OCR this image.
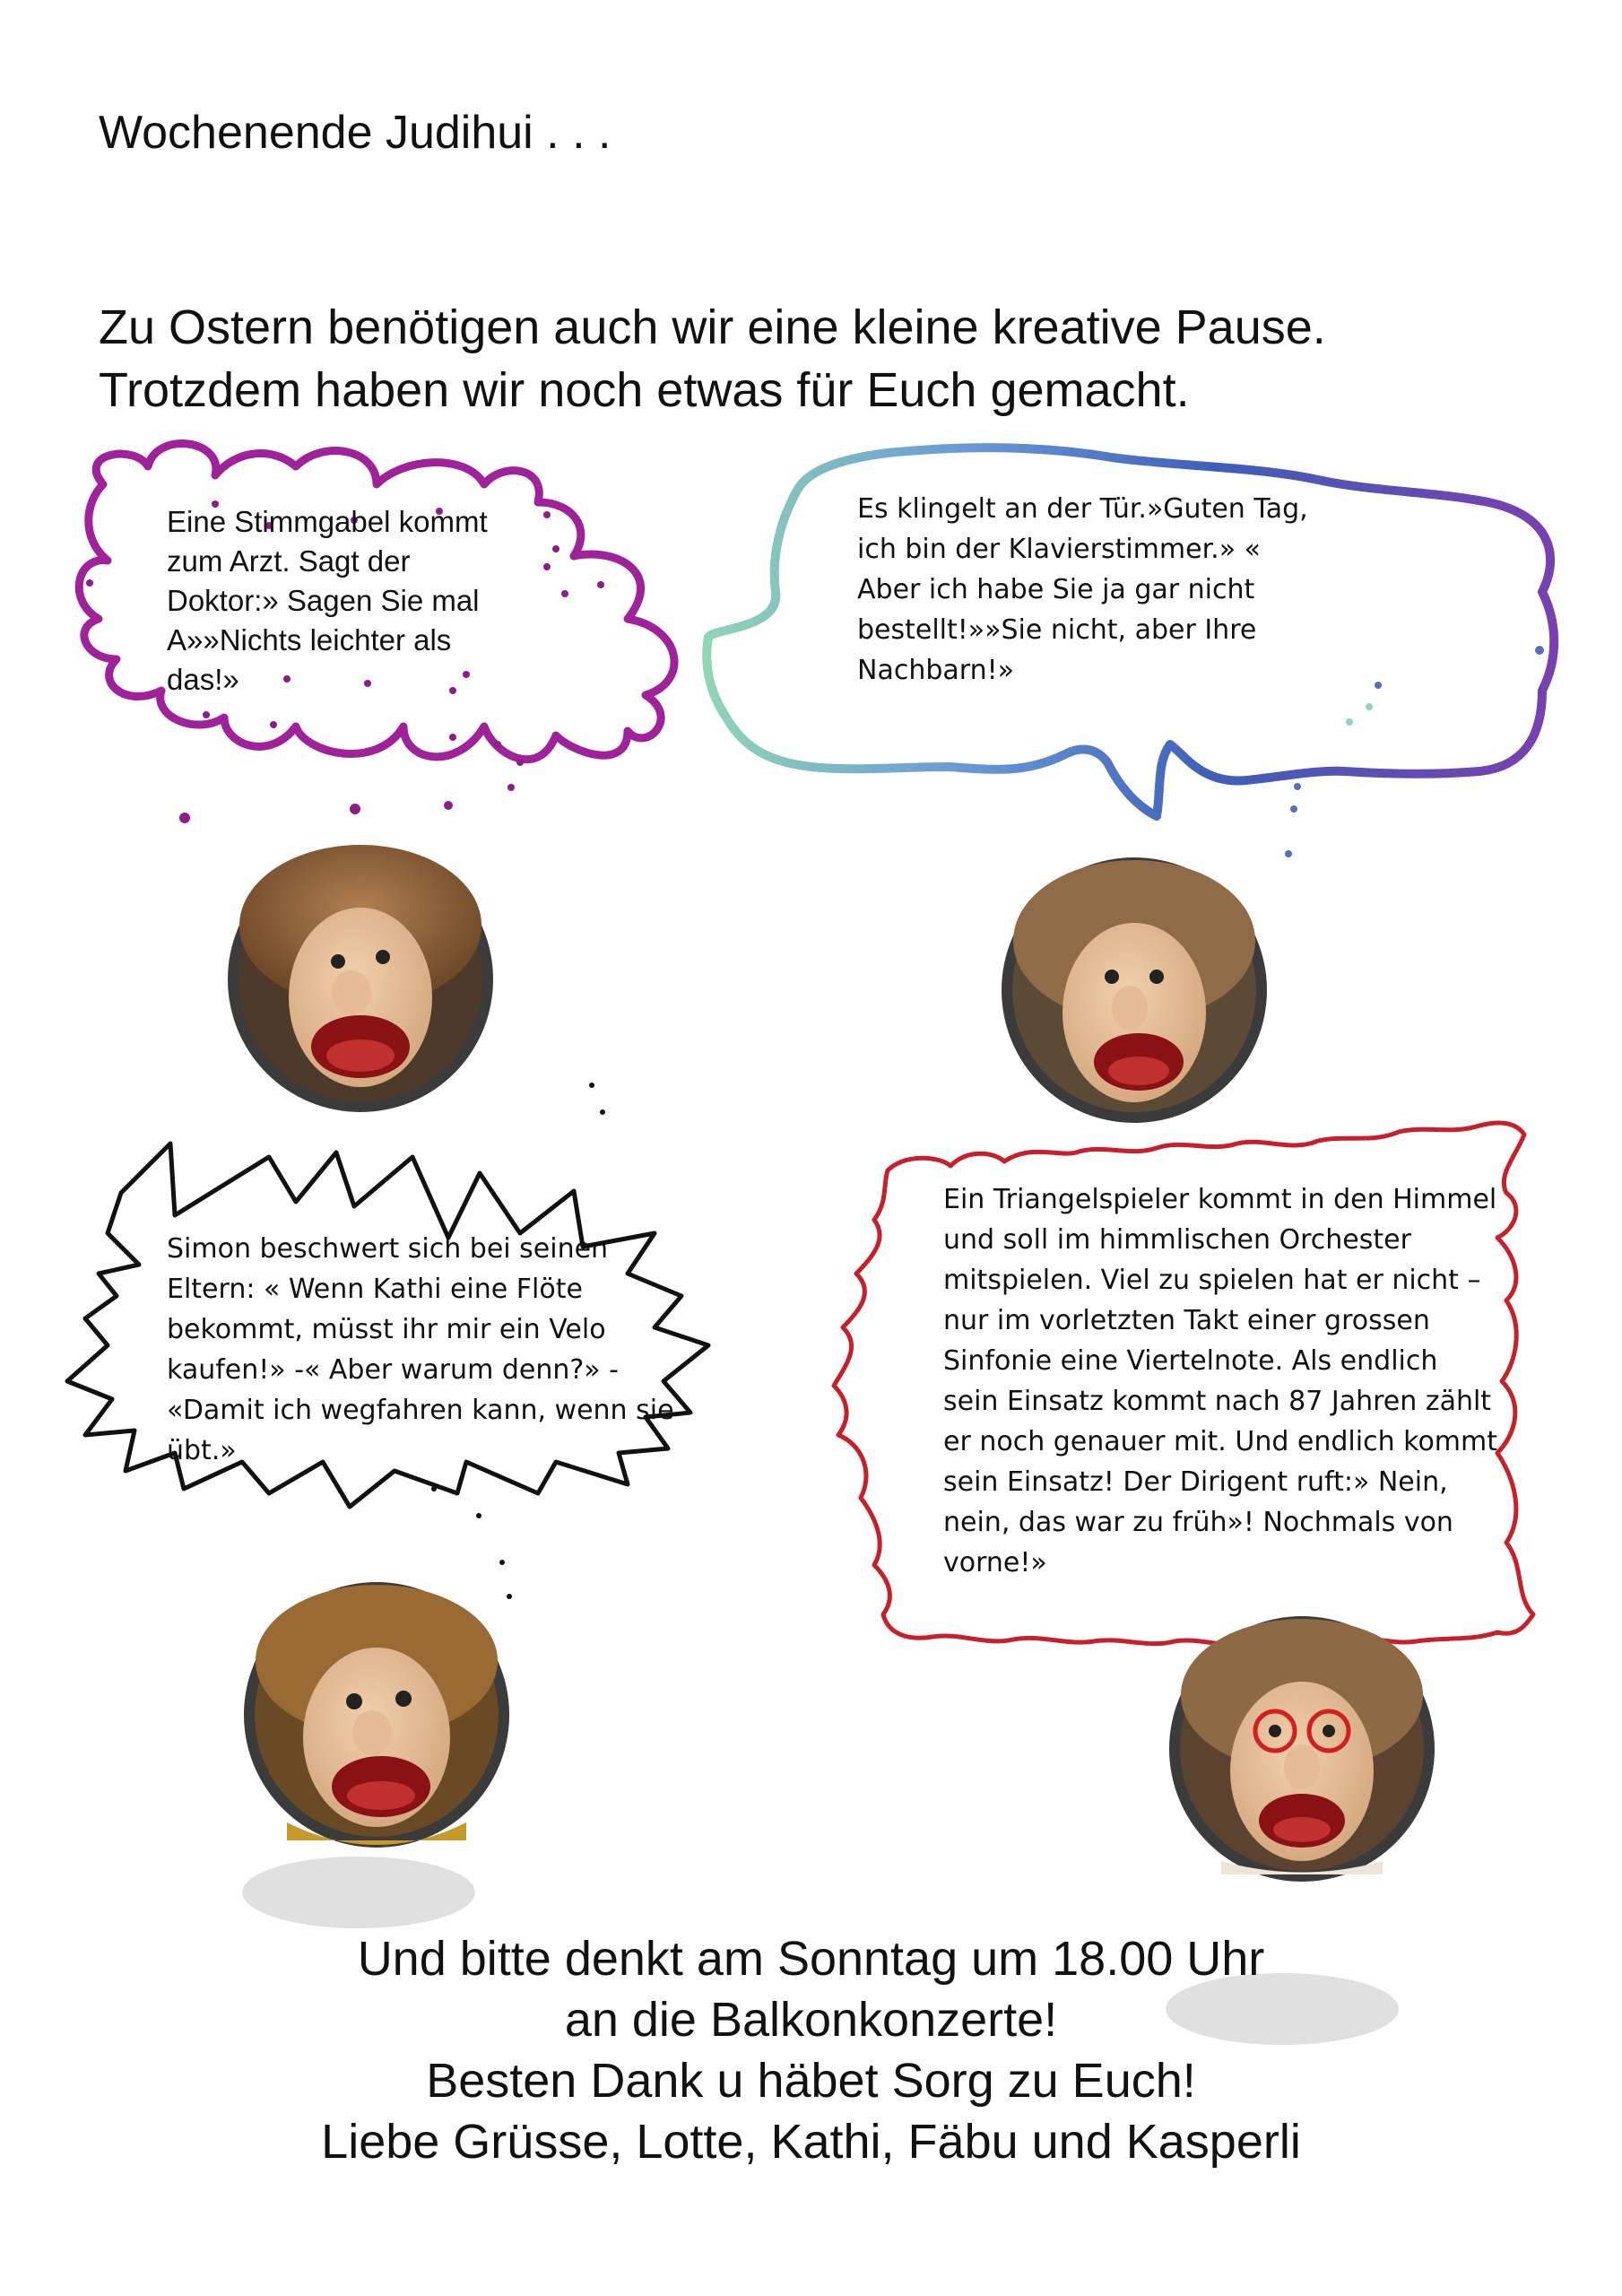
Wochenende Judihui . . .
Zu Ostern benötigen auch wir eine kleine kreative Pause.
Trotzdem haben wir noch etwas für Euch gemacht.
Eine Stimmgabel kommt
zum Arzt. Sagt der
Doktor:» Sagen Sie mal
A»»Nichts leichter als
das!»
Es klingelt an der Tür.»Guten Tag,
ich bin der Klavierstimmer.» «
Aber ich habe Sie ja gar nicht
bestellt!»»Sie nicht, aber Ihre
Nachbarn!»
Simon beschwert sich bei seinen
Eltern: « Wenn Kathi eine Flöte
bekommt, müsst ihr mir ein Velo
kaufen!» -« Aber warum denn?» -
«Damit ich wegfahren kann, wenn sie
übt.»
Ein Triangelspieler kommt in den Himmel
und soll im himmlischen Orchester
mitspielen. Viel zu spielen hat er nicht –
nur im vorletzten Takt einer grossen
Sinfonie eine Viertelnote. Als endlich
sein Einsatz kommt nach 87 Jahren zählt
er noch genauer mit. Und endlich kommt
sein Einsatz! Der Dirigent ruft:» Nein,
nein, das war zu früh»! Nochmals von
vorne!»
Und bitte denkt am Sonntag um 18.00 Uhr
an die Balkonkonzerte!
Besten Dank u häbet Sorg zu Euch!
Liebe Grüsse, Lotte, Kathi, Fäbu und Kasperli
